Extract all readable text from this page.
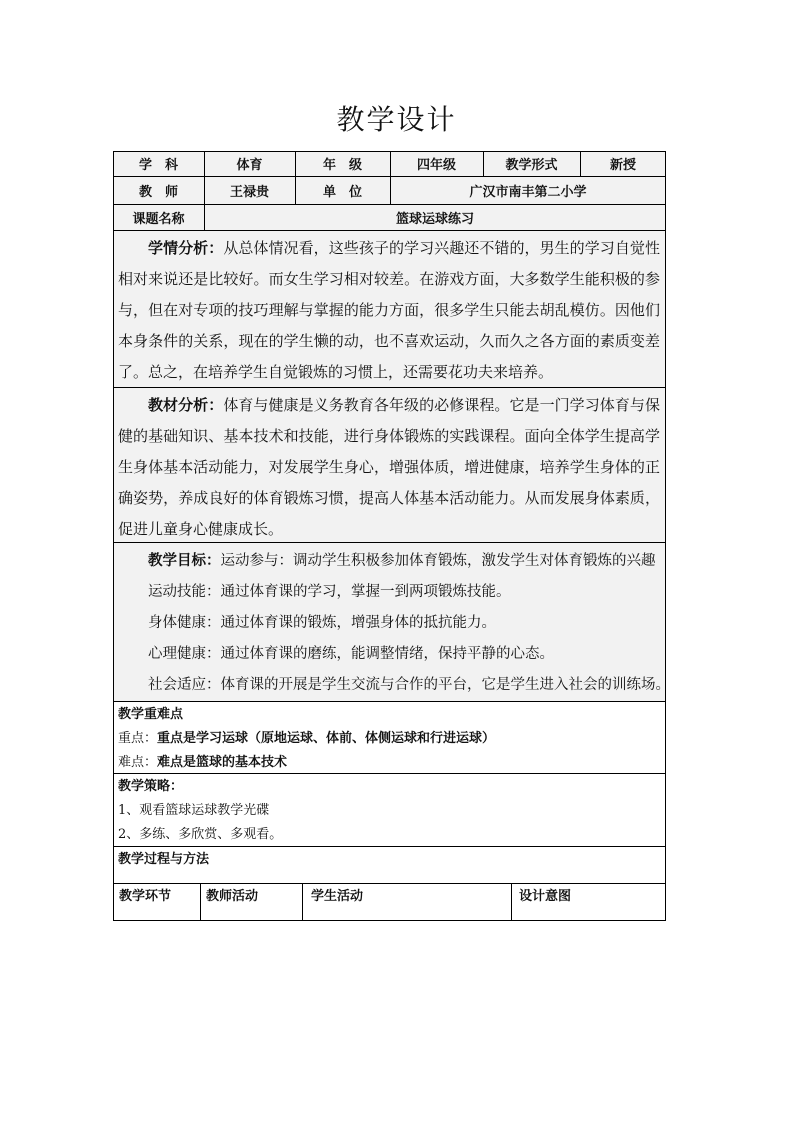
教学设计
学　科	体育	年　级	四年级	教学形式	新授
教　师	王禄贵	单　位	广汉市南丰第二小学
课题名称	篮球运球练习
学情分析：从总体情况看，这些孩子的学习兴趣还不错的，男生的学习自觉性相对来说还是比较好。而女生学习相对较差。在游戏方面，大多数学生能积极的参与，但在对专项的技巧理解与掌握的能力方面，很多学生只能去胡乱模仿。因他们本身条件的关系，现在的学生懒的动，也不喜欢运动，久而久之各方面的素质变差了。总之，在培养学生自觉锻炼的习惯上，还需要花功夫来培养。
教材分析：体育与健康是义务教育各年级的必修课程。它是一门学习体育与保健的基础知识、基本技术和技能，进行身体锻炼的实践课程。面向全体学生提高学生身体基本活动能力，对发展学生身心，增强体质，增进健康，培养学生身体的正确姿势，养成良好的体育锻炼习惯，提高人体基本活动能力。从而发展身体素质，促进儿童身心健康成长。
教学目标：运动参与：调动学生积极参加体育锻炼，激发学生对体育锻炼的兴趣
运动技能：通过体育课的学习，掌握一到两项锻炼技能。
身体健康：通过体育课的锻炼，增强身体的抵抗能力。
心理健康：通过体育课的磨练，能调整情绪，保持平静的心态。
社会适应：体育课的开展是学生交流与合作的平台，它是学生进入社会的训练场。
教学重难点
重点：重点是学习运球（原地运球、体前、体侧运球和行进运球）
难点：难点是篮球的基本技术
教学策略：
1、观看篮球运球教学光碟
2、多练、多欣赏、多观看。
教学过程与方法
教学环节	教师活动	学生活动	设计意图
